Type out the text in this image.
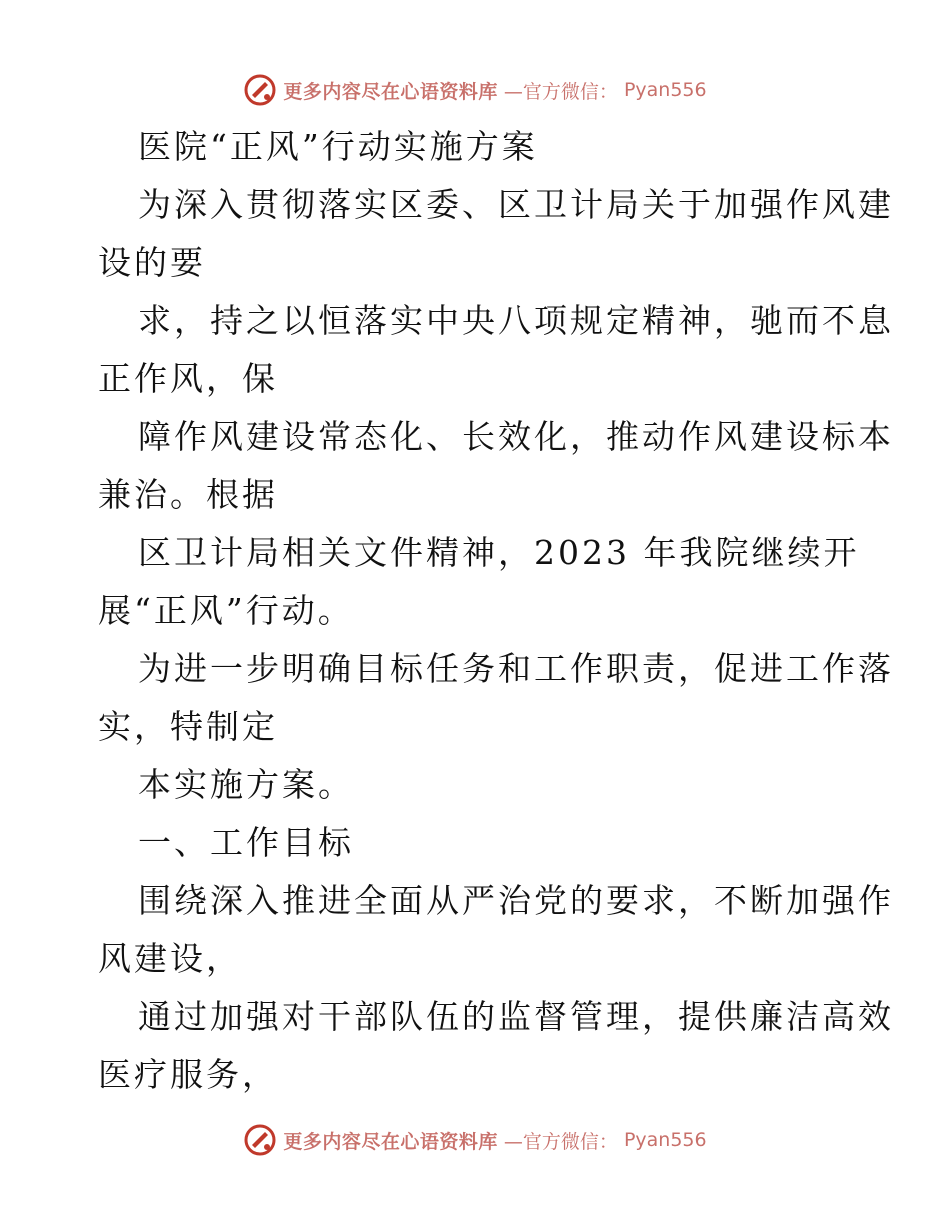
更多内容尽在心语资料库 —官方微信： Pyan556
医院“正风”行动实施方案
为深入贯彻落实区委、区卫计局关于加强作风建
设的要
求，持之以恒落实中央八项规定精神，驰而不息
正作风，保
障作风建设常态化、长效化，推动作风建设标本
兼治。根据
区卫计局相关文件精神，2023 年我院继续开
展“正风”行动。
为进一步明确目标任务和工作职责，促进工作落
实，特制定
本实施方案。
一、工作目标
围绕深入推进全面从严治党的要求，不断加强作
风建设，
通过加强对干部队伍的监督管理，提供廉洁高效
医疗服务，
更多内容尽在心语资料库 —官方微信： Pyan556
